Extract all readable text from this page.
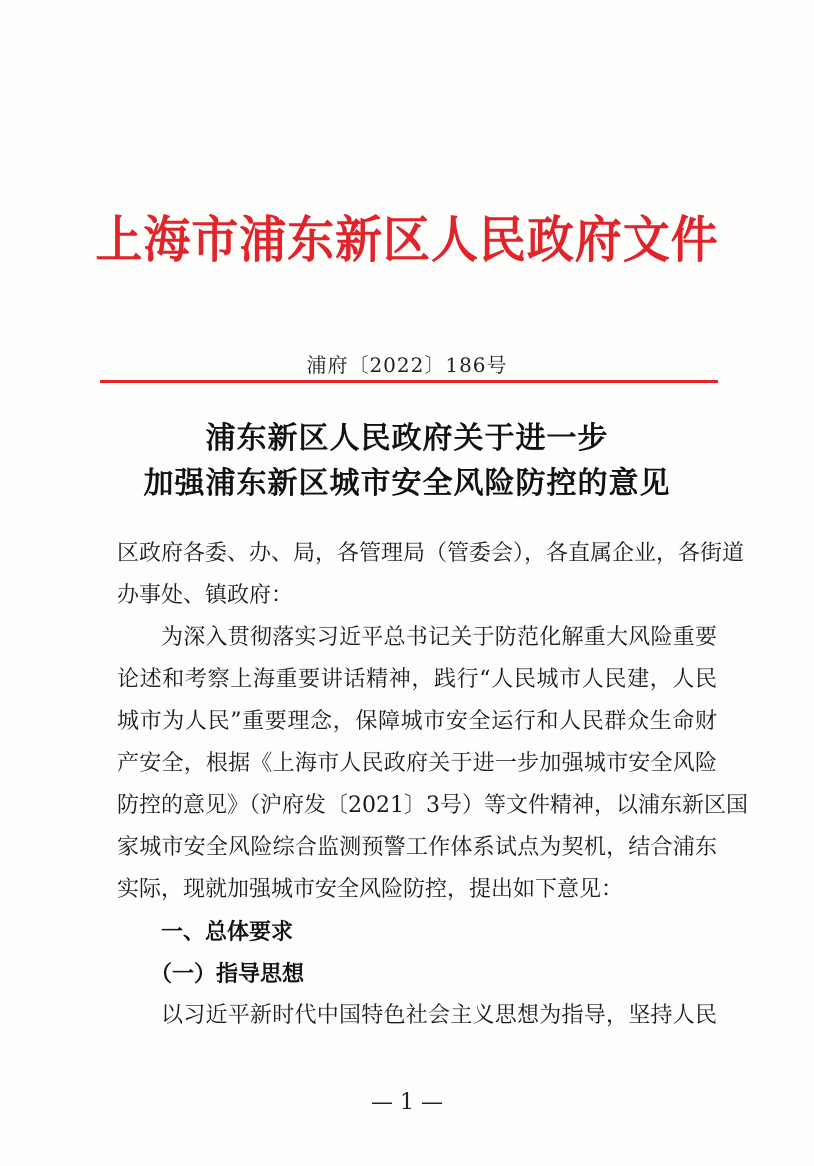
上海市浦东新区人民政府文件
浦府〔2022〕186号
浦东新区人民政府关于进一步
加强浦东新区城市安全风险防控的意见
区政府各委、办、局，各管理局（管委会），各直属企业，各街道
办事处、镇政府：
为深入贯彻落实习近平总书记关于防范化解重大风险重要
论述和考察上海重要讲话精神，践行“人民城市人民建，人民
城市为人民”重要理念，保障城市安全运行和人民群众生命财
产安全，根据《上海市人民政府关于进一步加强城市安全风险
防控的意见》（沪府发〔2021〕3号）等文件精神，以浦东新区国
家城市安全风险综合监测预警工作体系试点为契机，结合浦东
实际，现就加强城市安全风险防控，提出如下意见：
一、总体要求
（一）指导思想
以习近平新时代中国特色社会主义思想为指导，坚持人民
— 1 —
